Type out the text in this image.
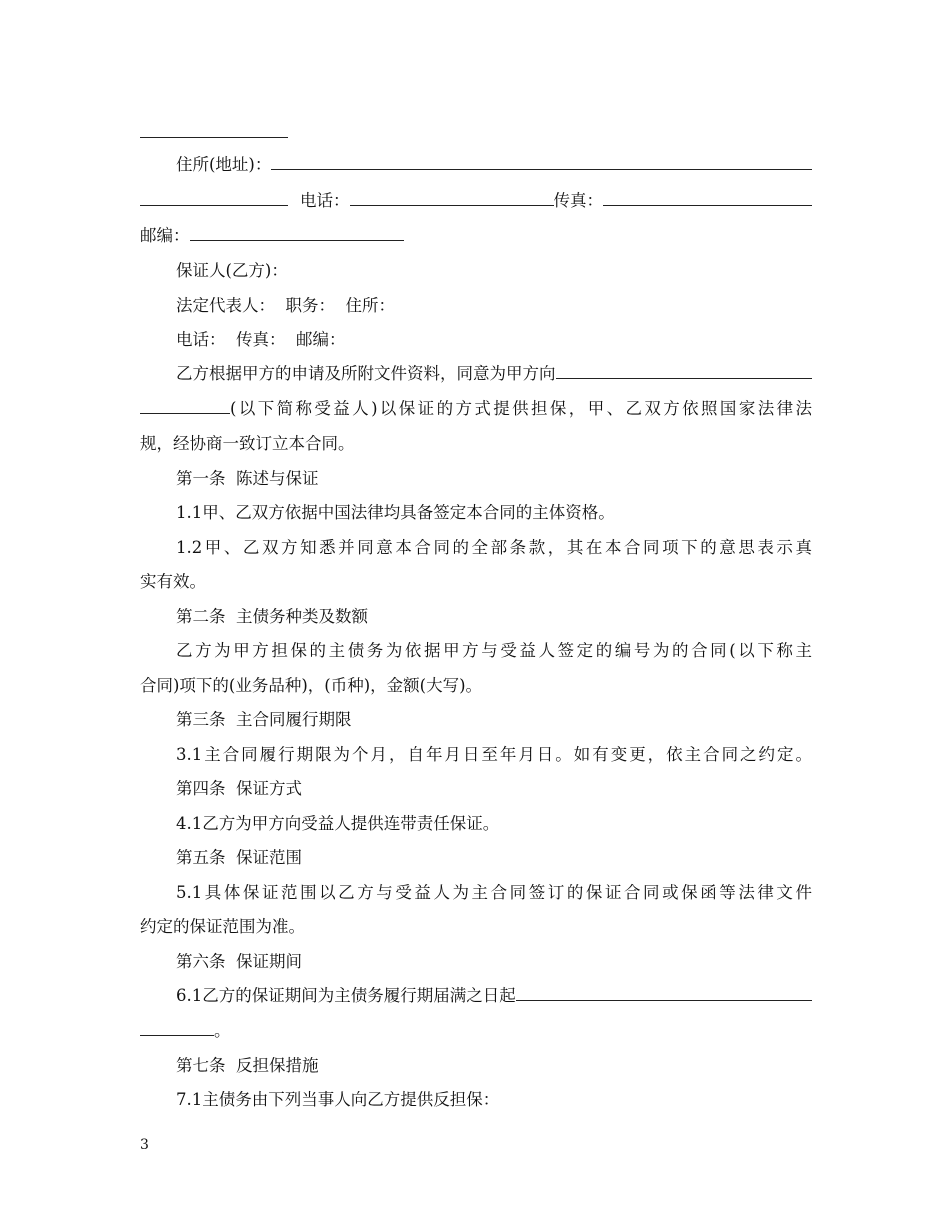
住所(地址)：
电话：	传真：
邮编：
保证人(乙方)：
法定代表人：  职务：  住所：
电话：  传真：  邮编：
乙方根据甲方的申请及所附文件资料，同意为甲方向
(以下简称受益人)以保证的方式提供担保，甲、乙双方依照国家法律法
规，经协商一致订立本合同。
第一条  陈述与保证
1.1甲、乙双方依据中国法律均具备签定本合同的主体资格。
1.2甲、乙双方知悉并同意本合同的全部条款，其在本合同项下的意思表示真
实有效。
第二条  主债务种类及数额
乙方为甲方担保的主债务为依据甲方与受益人签定的编号为的合同(以下称主
合同)项下的(业务品种)，(币种)，金额(大写)。
第三条  主合同履行期限
3.1主合同履行期限为个月，自年月日至年月日。如有变更，依主合同之约定。
第四条  保证方式
4.1乙方为甲方向受益人提供连带责任保证。
第五条  保证范围
5.1具体保证范围以乙方与受益人为主合同签订的保证合同或保函等法律文件
约定的保证范围为准。
第六条  保证期间
6.1乙方的保证期间为主债务履行期届满之日起
。
第七条  反担保措施
7.1主债务由下列当事人向乙方提供反担保：
3
